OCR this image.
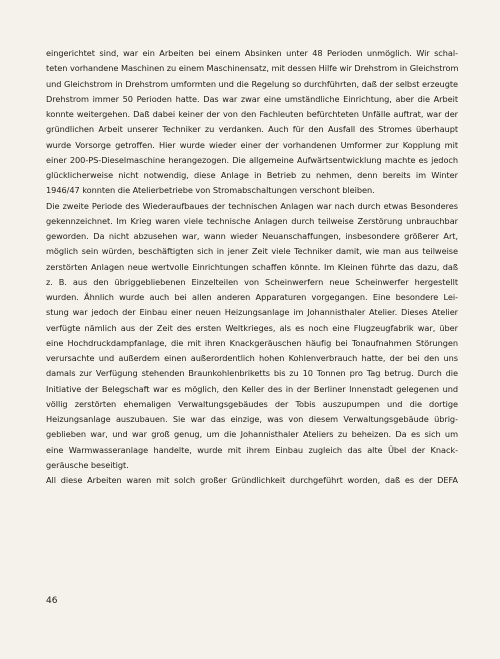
eingerichtet sind, war ein Arbeiten bei einem Absinken unter 48 Perioden unmöglich. Wir schal-
teten vorhandene Maschinen zu einem Maschinensatz, mit dessen Hilfe wir Drehstrom in Gleichstrom
und Gleichstrom in Drehstrom umformten und die Regelung so durchführten, daß der selbst erzeugte
Drehstrom immer 50 Perioden hatte. Das war zwar eine umständliche Einrichtung, aber die Arbeit
konnte weitergehen. Daß dabei keiner der von den Fachleuten befürchteten Unfälle auftrat, war der
gründlichen Arbeit unserer Techniker zu verdanken. Auch für den Ausfall des Stromes überhaupt
wurde Vorsorge getroffen. Hier wurde wieder einer der vorhandenen Umformer zur Kopplung mit
einer 200-PS-Dieselmaschine herangezogen. Die allgemeine Aufwärtsentwicklung machte es jedoch
glücklicherweise nicht notwendig, diese Anlage in Betrieb zu nehmen, denn bereits im Winter
1946/47 konnten die Atelierbetriebe von Stromabschaltungen verschont bleiben.
Die zweite Periode des Wiederaufbaues der technischen Anlagen war nach durch etwas Besonderes
gekennzeichnet. Im Krieg waren viele technische Anlagen durch teilweise Zerstörung unbrauchbar
geworden. Da nicht abzusehen war, wann wieder Neuanschaffungen, insbesondere größerer Art,
möglich sein würden, beschäftigten sich in jener Zeit viele Techniker damit, wie man aus teilweise
zerstörten Anlagen neue wertvolle Einrichtungen schaffen könnte. Im Kleinen führte das dazu, daß
z. B. aus den übriggebliebenen Einzelteilen von Scheinwerfern neue Scheinwerfer hergestellt
wurden. Ähnlich wurde auch bei allen anderen Apparaturen vorgegangen. Eine besondere Lei-
stung war jedoch der Einbau einer neuen Heizungsanlage im Johannisthaler Atelier. Dieses Atelier
verfügte nämlich aus der Zeit des ersten Weltkrieges, als es noch eine Flugzeugfabrik war, über
eine Hochdruckdampfanlage, die mit ihren Knackgeräuschen häufig bei Tonaufnahmen Störungen
verursachte und außerdem einen außerordentlich hohen Kohlenverbrauch hatte, der bei den uns
damals zur Verfügung stehenden Braunkohlenbriketts bis zu 10 Tonnen pro Tag betrug. Durch die
Initiative der Belegschaft war es möglich, den Keller des in der Berliner Innenstadt gelegenen und
völlig zerstörten ehemaligen Verwaltungsgebäudes der Tobis auszupumpen und die dortige
Heizungsanlage auszubauen. Sie war das einzige, was von diesem Verwaltungsgebäude übrig-
geblieben war, und war groß genug, um die Johannisthaler Ateliers zu beheizen. Da es sich um
eine Warmwasseranlage handelte, wurde mit ihrem Einbau zugleich das alte Übel der Knack-
geräusche beseitigt.
All diese Arbeiten waren mit solch großer Gründlichkeit durchgeführt worden, daß es der DEFA
46
